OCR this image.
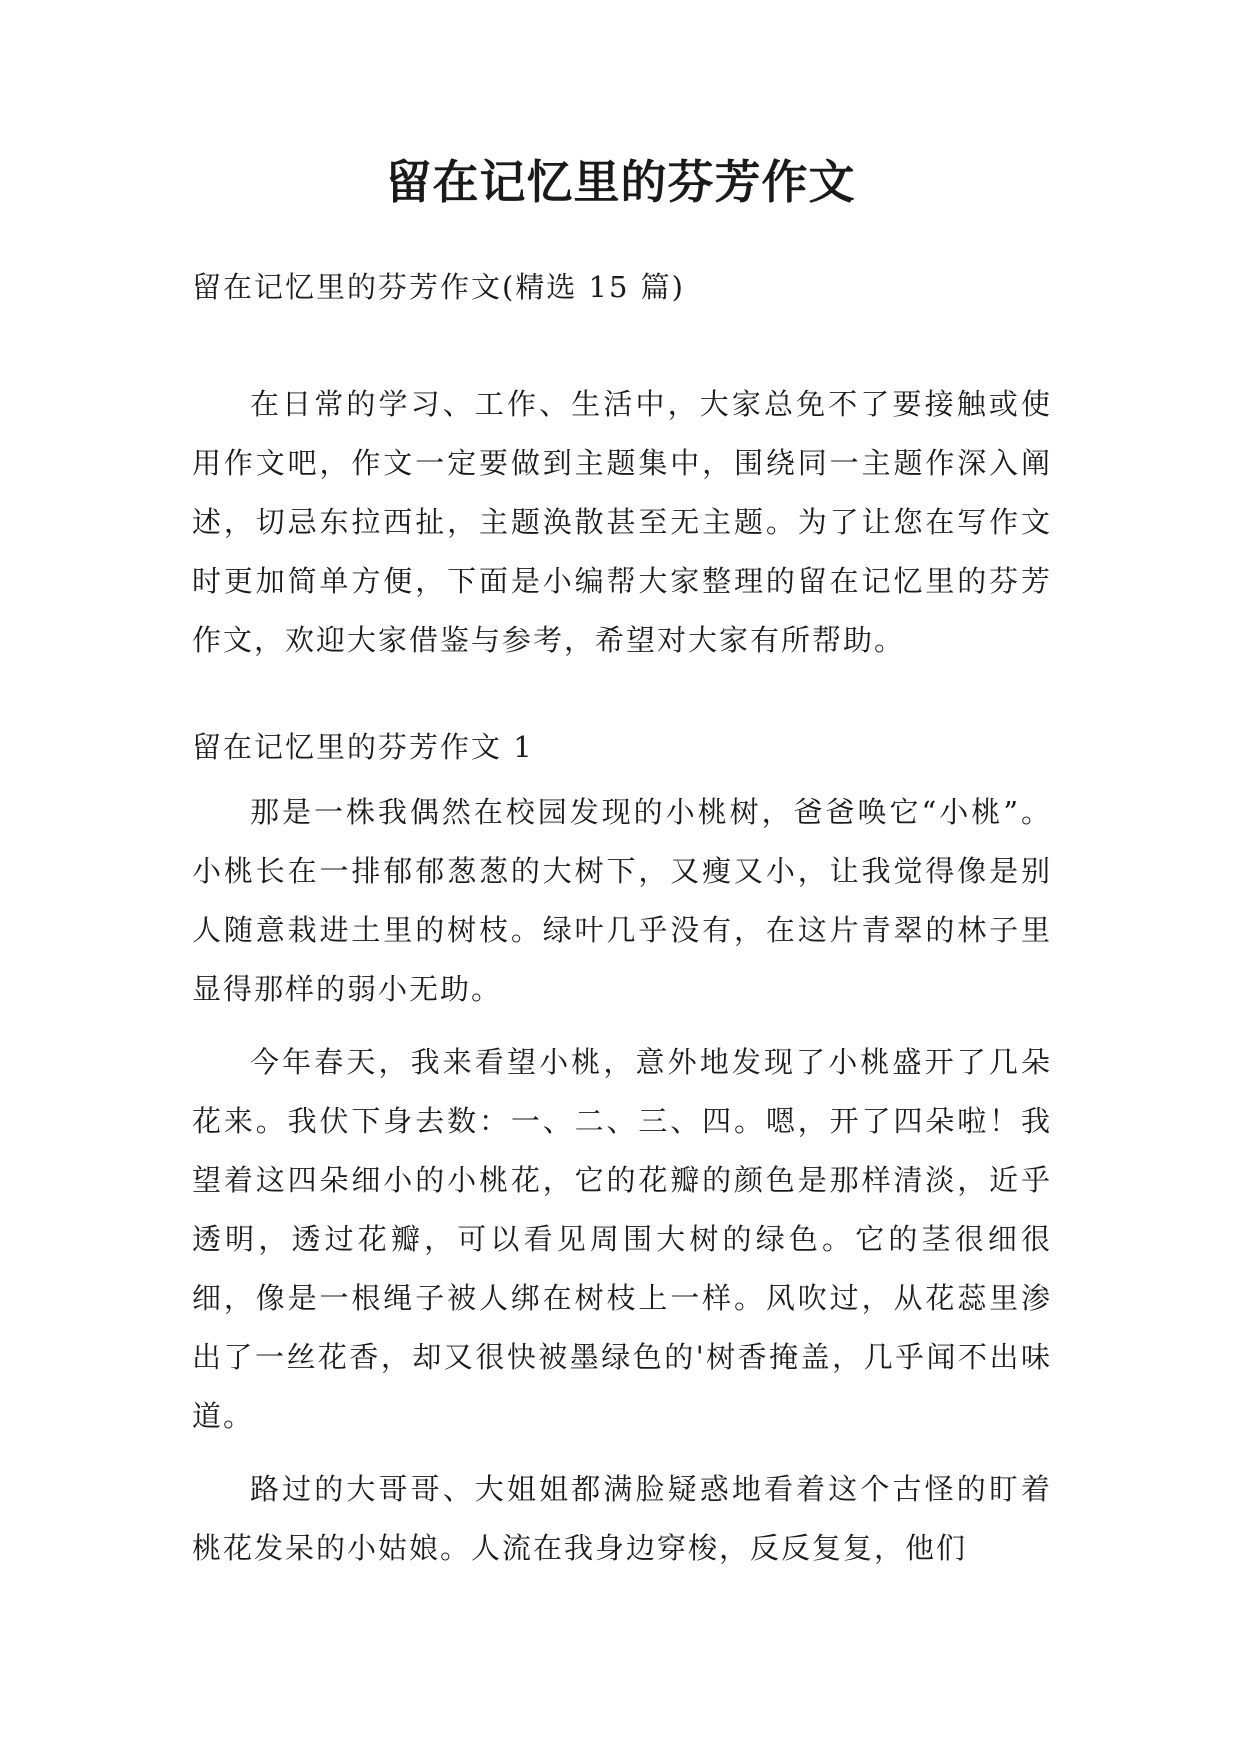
留在记忆里的芬芳作文

留在记忆里的芬芳作文(精选 15 篇)

在日常的学习、工作、生活中，大家总免不了要接触或使用作文吧，作文一定要做到主题集中，围绕同一主题作深入阐述，切忌东拉西扯，主题涣散甚至无主题。为了让您在写作文时更加简单方便，下面是小编帮大家整理的留在记忆里的芬芳作文，欢迎大家借鉴与参考，希望对大家有所帮助。

留在记忆里的芬芳作文 1

那是一株我偶然在校园发现的小桃树，爸爸唤它“小桃”。小桃长在一排郁郁葱葱的大树下，又瘦又小，让我觉得像是别人随意栽进土里的树枝。绿叶几乎没有，在这片青翠的林子里显得那样的弱小无助。

今年春天，我来看望小桃，意外地发现了小桃盛开了几朵花来。我伏下身去数：一、二、三、四。嗯，开了四朵啦！我望着这四朵细小的小桃花，它的花瓣的颜色是那样清淡，近乎透明，透过花瓣，可以看见周围大树的绿色。它的茎很细很细，像是一根绳子被人绑在树枝上一样。风吹过，从花蕊里渗出了一丝花香，却又很快被墨绿色的'树香掩盖，几乎闻不出味道。

路过的大哥哥、大姐姐都满脸疑惑地看着这个古怪的盯着桃花发呆的小姑娘。人流在我身边穿梭，反反复复，他们
